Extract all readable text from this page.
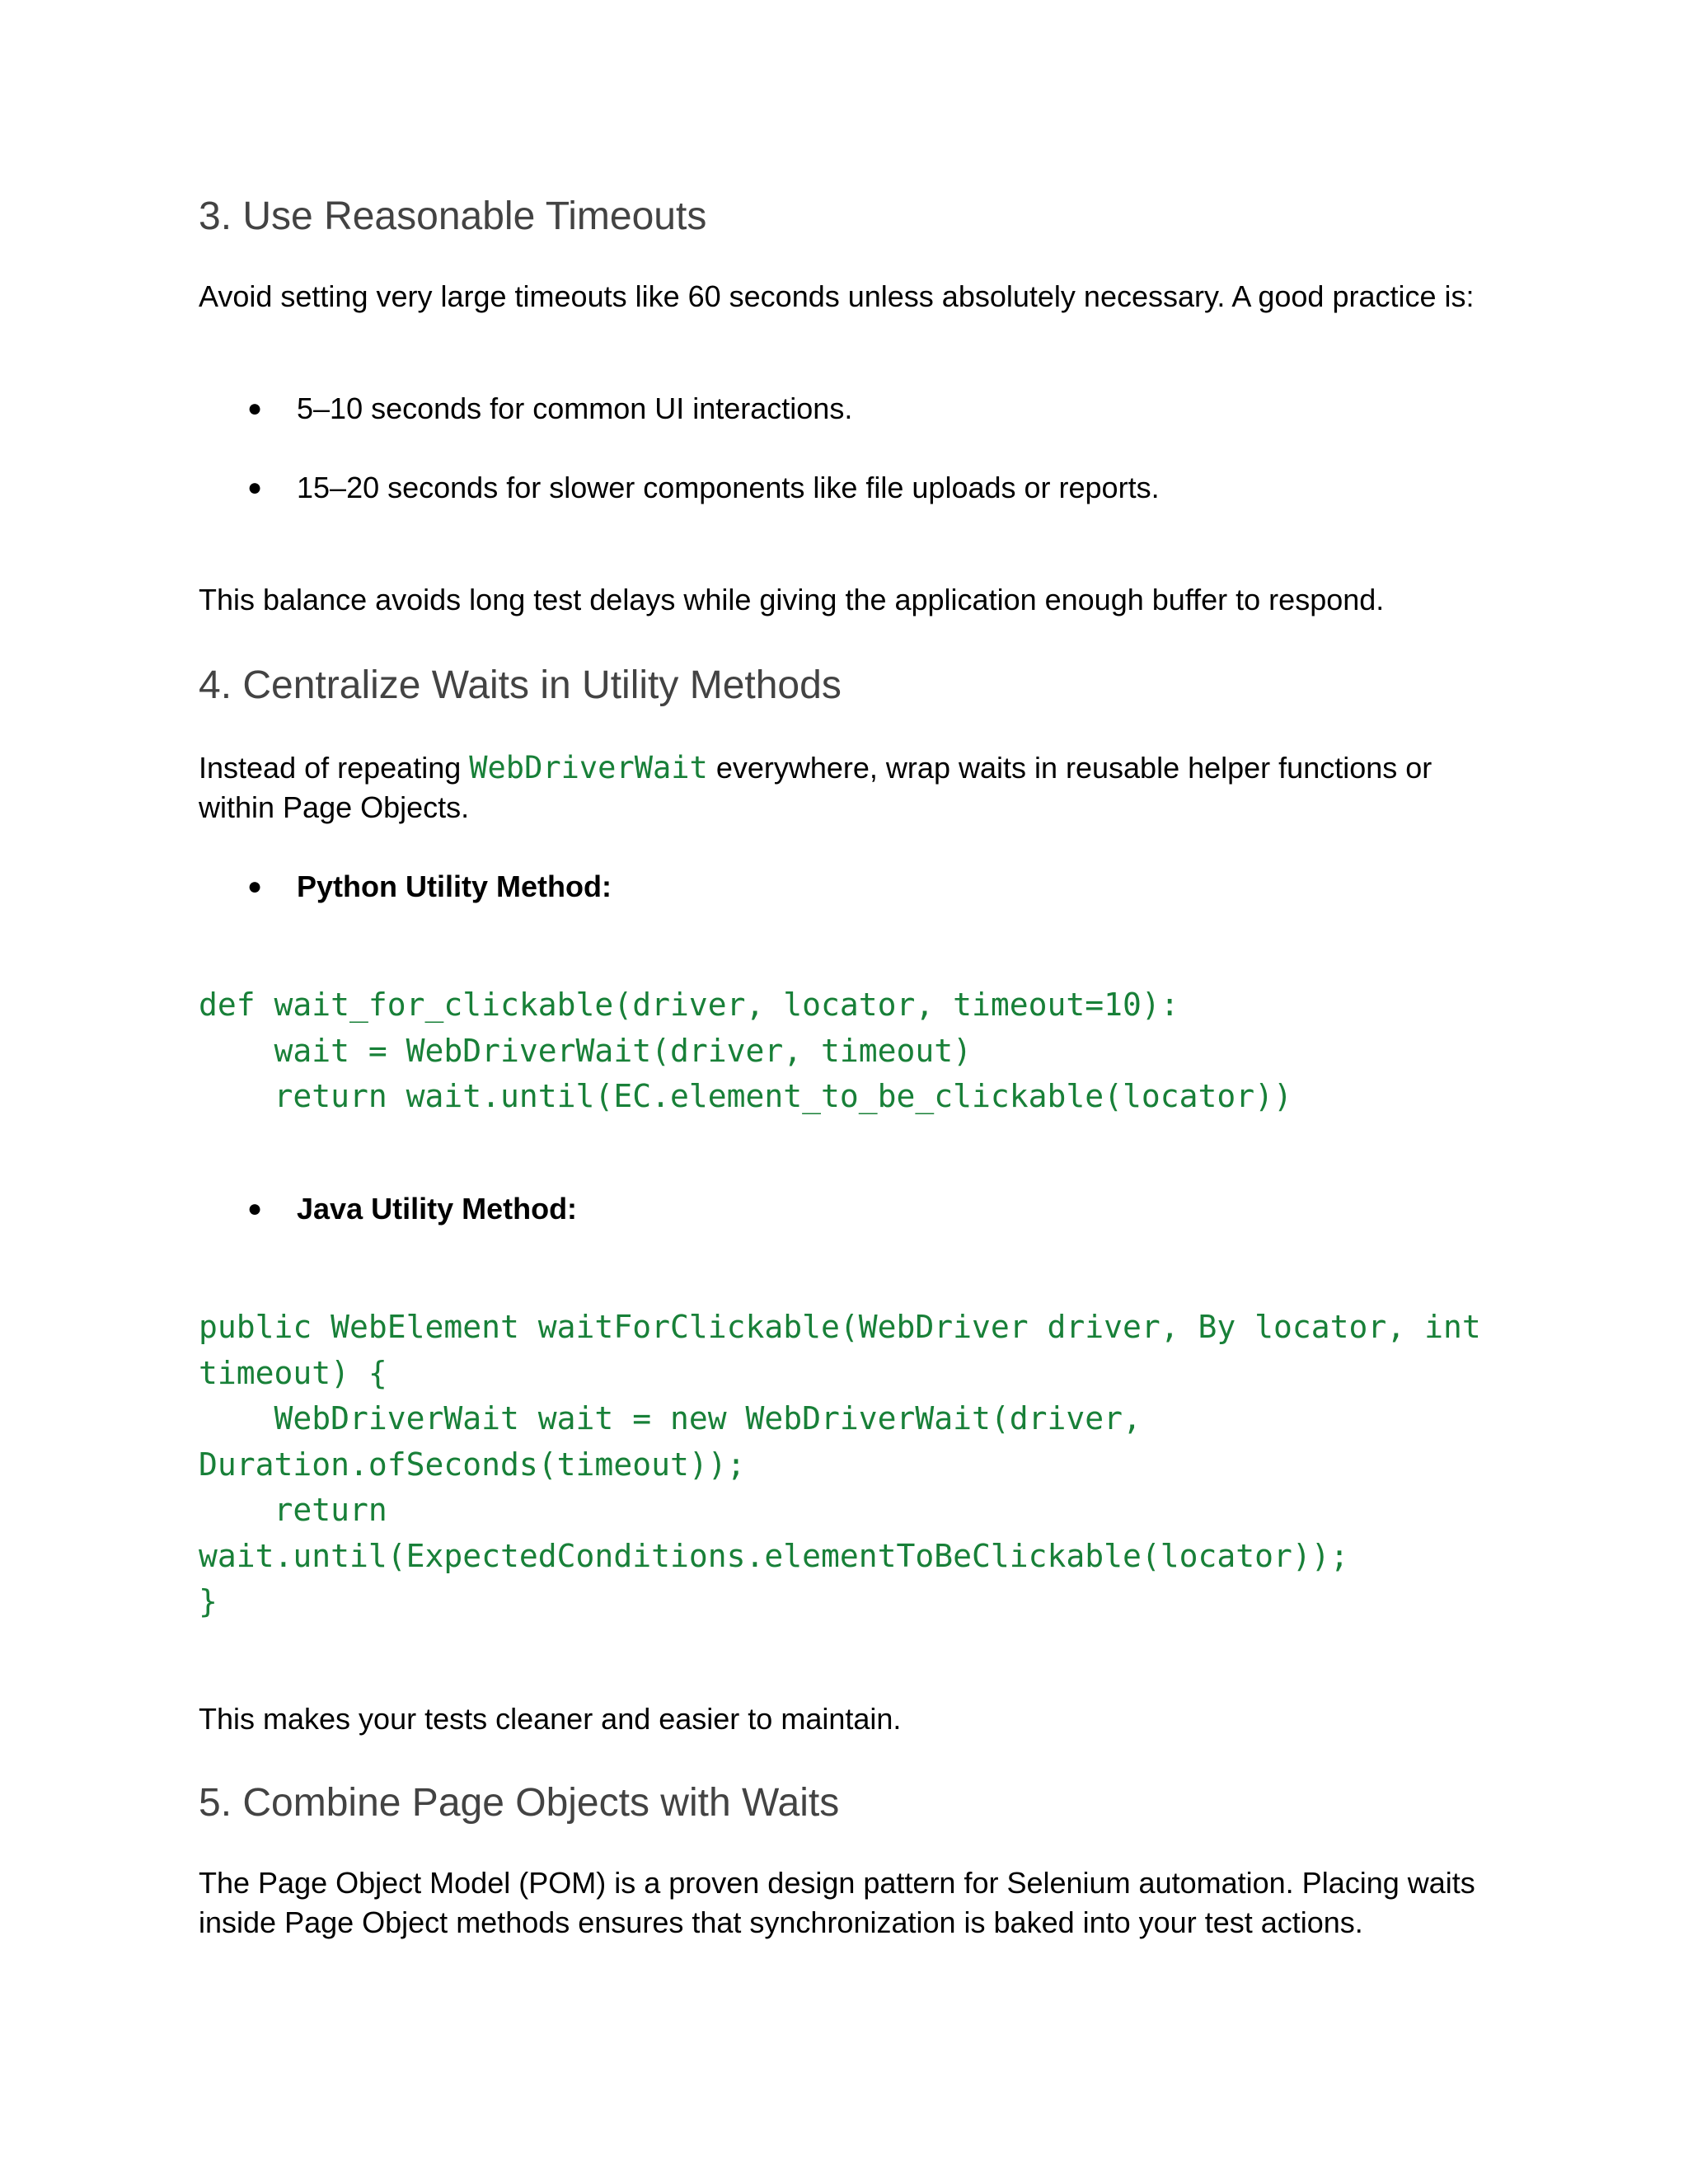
3. Use Reasonable Timeouts

Avoid setting very large timeouts like 60 seconds unless absolutely necessary. A good practice is:

●	5–10 seconds for common UI interactions.
●	15–20 seconds for slower components like file uploads or reports.

This balance avoids long test delays while giving the application enough buffer to respond.

4. Centralize Waits in Utility Methods

Instead of repeating WebDriverWait everywhere, wrap waits in reusable helper functions or within Page Objects.

●	Python Utility Method:
def wait_for_clickable(driver, locator, timeout=10):
wait = WebDriverWait(driver, timeout)
return wait.until(EC.element_to_be_clickable(locator))
●	Java Utility Method:
public WebElement waitForClickable(WebDriver driver, By locator, int
timeout) {
WebDriverWait wait = new WebDriverWait(driver,
Duration.ofSeconds(timeout));
return
wait.until(ExpectedConditions.elementToBeClickable(locator));
}

This makes your tests cleaner and easier to maintain.

5. Combine Page Objects with Waits

The Page Object Model (POM) is a proven design pattern for Selenium automation. Placing waits inside Page Object methods ensures that synchronization is baked into your test actions.
